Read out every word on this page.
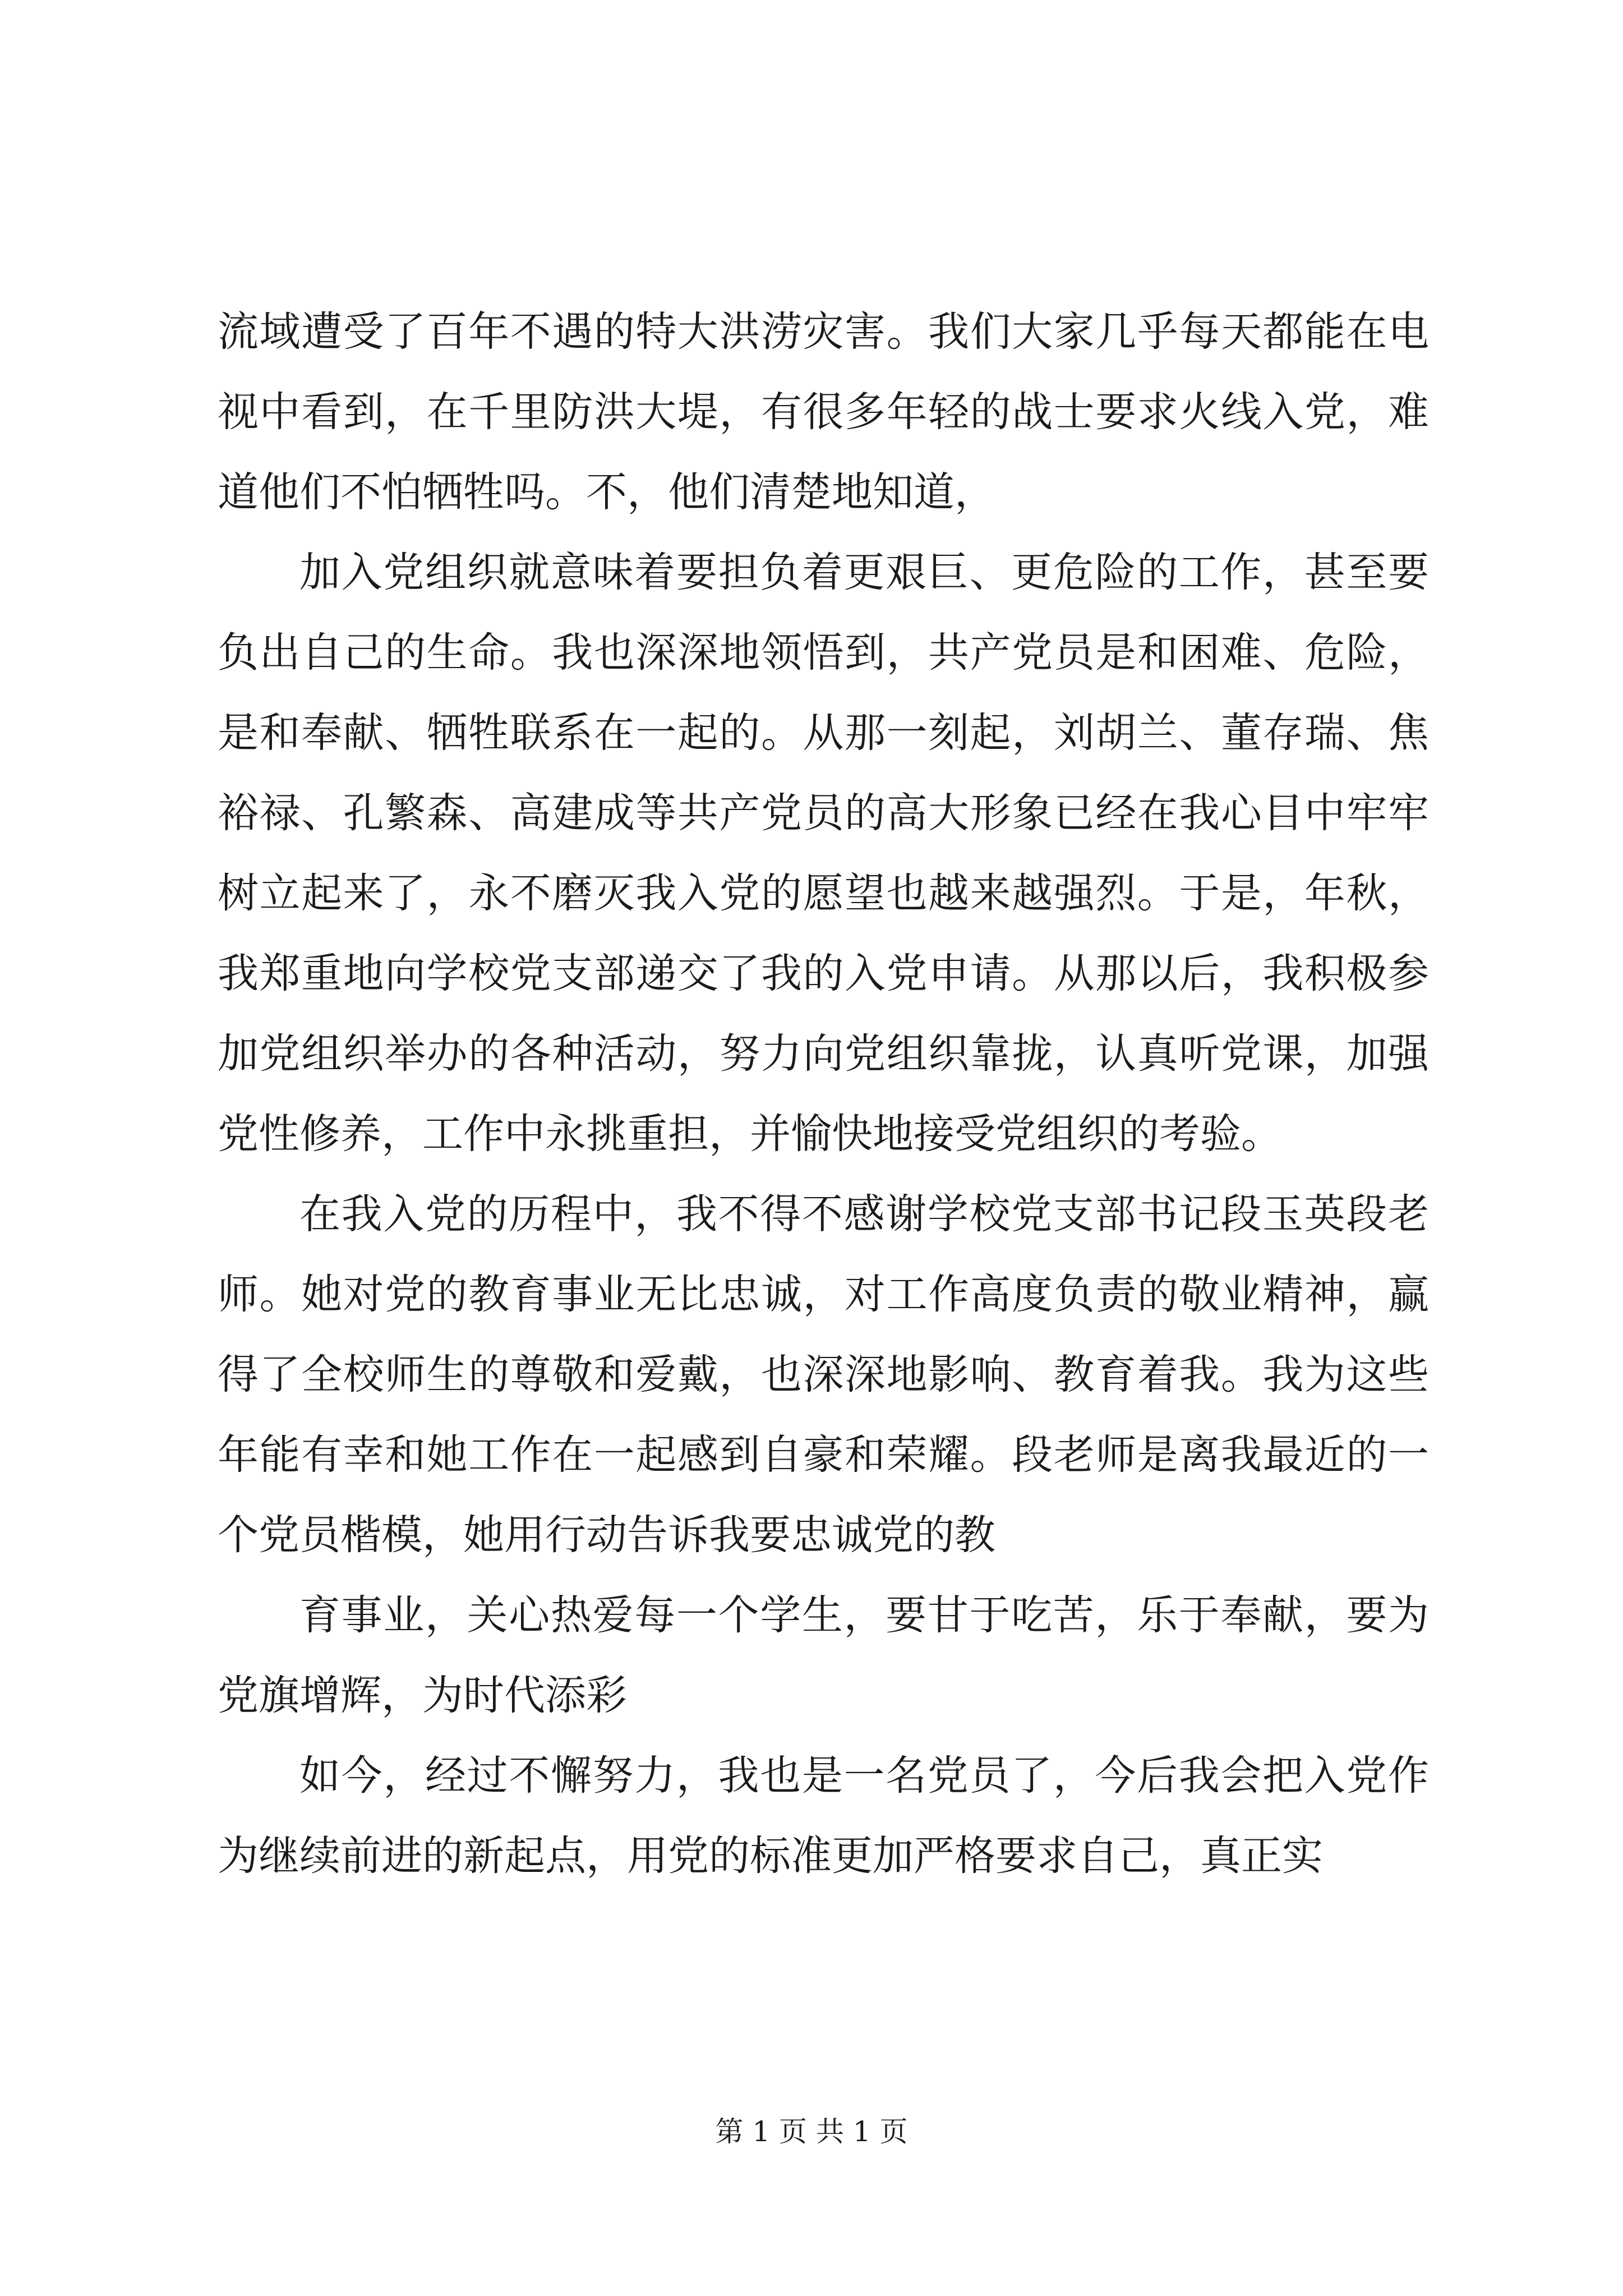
流域遭受了百年不遇的特大洪涝灾害。我们大家几乎每天都能在电视中看到，在千里防洪大堤，有很多年轻的战士要求火线入党，难道他们不怕牺牲吗。不，他们清楚地知道，

加入党组织就意味着要担负着更艰巨、更危险的工作，甚至要负出自己的生命。我也深深地领悟到，共产党员是和困难、危险，是和奉献、牺牲联系在一起的。从那一刻起，刘胡兰、董存瑞、焦裕禄、孔繁森、高建成等共产党员的高大形象已经在我心目中牢牢树立起来了，永不磨灭我入党的愿望也越来越强烈。于是，年秋，我郑重地向学校党支部递交了我的入党申请。从那以后，我积极参加党组织举办的各种活动，努力向党组织靠拢，认真听党课，加强党性修养，工作中永挑重担，并愉快地接受党组织的考验。

在我入党的历程中，我不得不感谢学校党支部书记段玉英段老师。她对党的教育事业无比忠诚，对工作高度负责的敬业精神，赢得了全校师生的尊敬和爱戴，也深深地影响、教育着我。我为这些年能有幸和她工作在一起感到自豪和荣耀。段老师是离我最近的一个党员楷模，她用行动告诉我要忠诚党的教

育事业，关心热爱每一个学生，要甘于吃苦，乐于奉献，要为党旗增辉，为时代添彩

如今，经过不懈努力，我也是一名党员了，今后我会把入党作为继续前进的新起点，用党的标准更加严格要求自己，真正实

第 1 页 共 1 页
